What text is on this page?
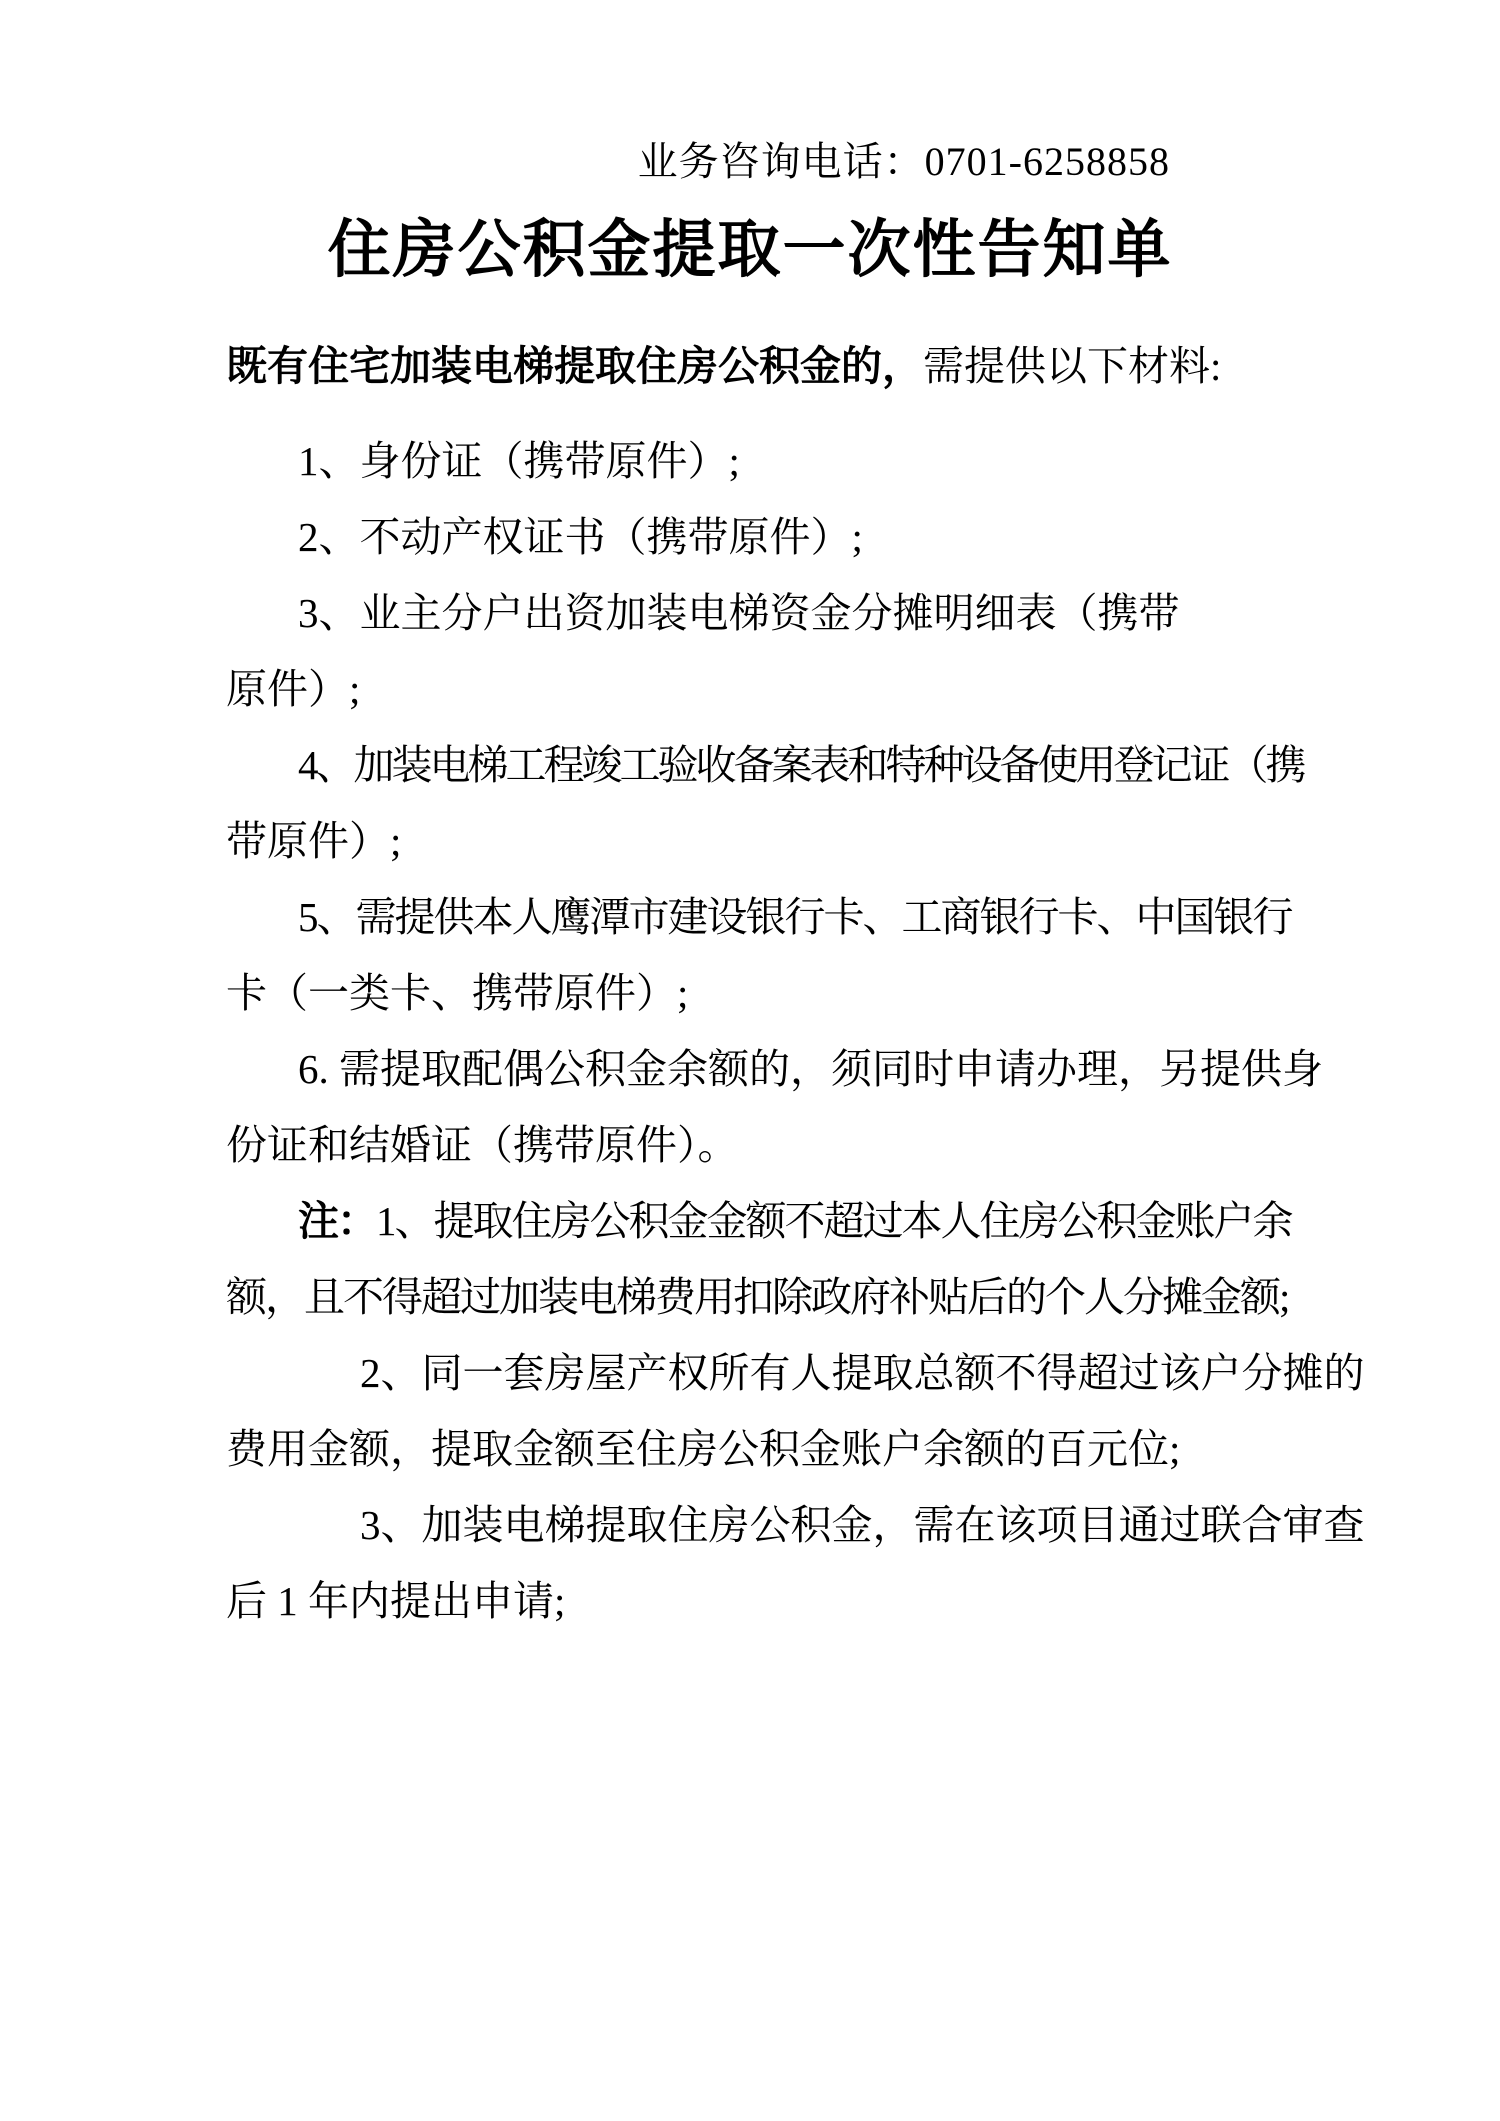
业务咨询电话：0701-6258858
住房公积金提取一次性告知单
既有住宅加装电梯提取住房公积金的，需提供以下材料:
1、身份证（携带原件）;
2、不动产权证书（携带原件）;
3、业主分户出资加装电梯资金分摊明细表（携带
原件）;
4、加装电梯工程竣工验收备案表和特种设备使用登记证（携
带原件）;
5、需提供本人鹰潭市建设银行卡、工商银行卡、中国银行
卡（一类卡、携带原件）;
6. 需提取配偶公积金余额的，须同时申请办理，另提供身
份证和结婚证（携带原件）。
注：1、提取住房公积金金额不超过本人住房公积金账户余
额，且不得超过加装电梯费用扣除政府补贴后的个人分摊金额;
2、同一套房屋产权所有人提取总额不得超过该户分摊的
费用金额，提取金额至住房公积金账户余额的百元位;
3、加装电梯提取住房公积金，需在该项目通过联合审查
后 1 年内提出申请;
